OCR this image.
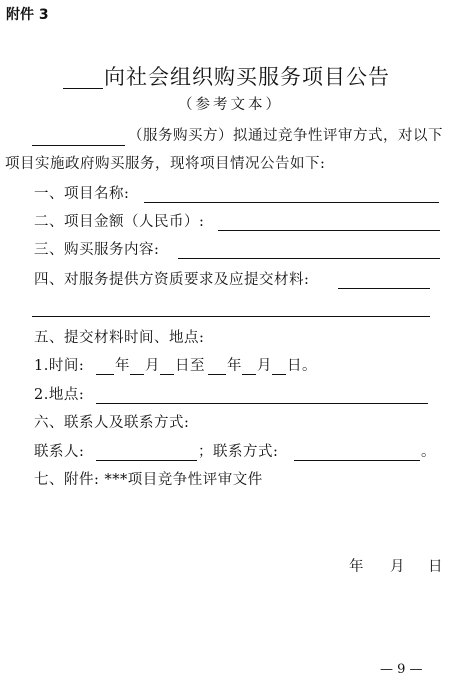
附件 3
向社会组织购买服务项目公告
（参考文本）
（服务购买方）拟通过竞争性评审方式，对以下
项目实施政府购买服务，现将项目情况公告如下:
一、项目名称:
二、项目金额（人民币）:
三、购买服务内容:
四、对服务提供方资质要求及应提交材料:
五、提交材料时间、地点:
1.时间: 年 月 日至 年 月 日。
2.地点:
六、联系人及联系方式:
联系人:	；联系方式:	。
七、附件: ***项目竞争性评审文件
年 月 日
— 9 —
